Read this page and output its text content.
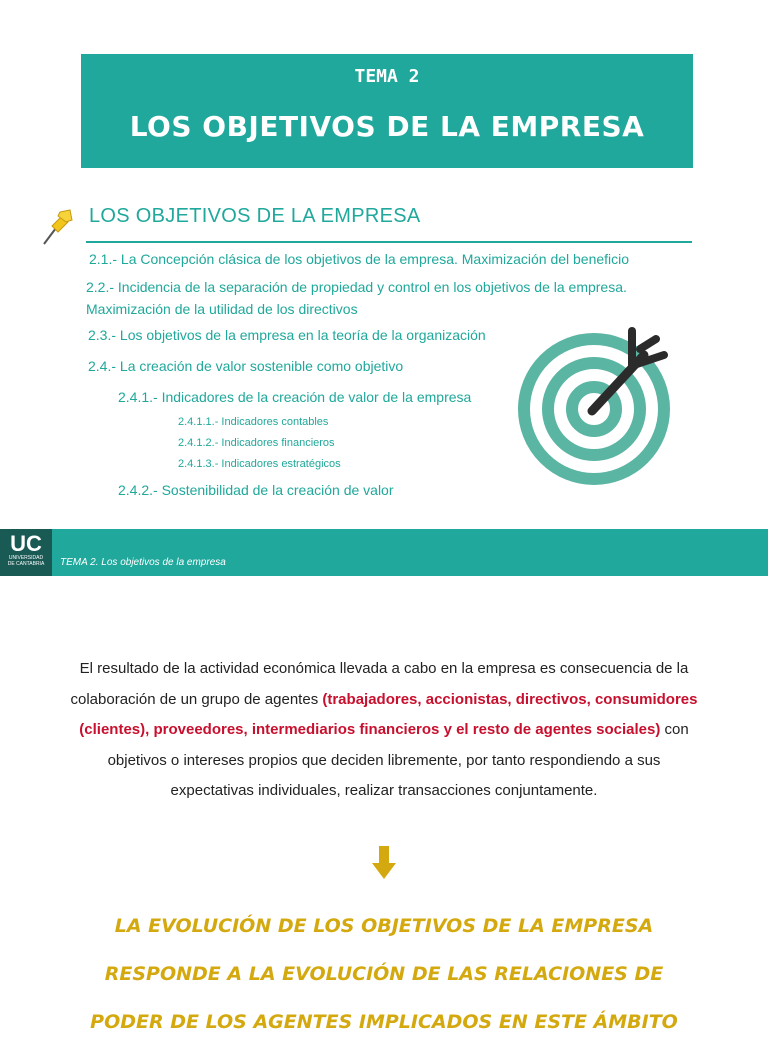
TEMA 2
LOS OBJETIVOS DE LA EMPRESA
LOS OBJETIVOS DE LA EMPRESA
2.1.- La Concepción clásica de los objetivos de la empresa. Maximización del beneficio
2.2.- Incidencia de la separación de propiedad y control en los objetivos de la empresa. Maximización de la utilidad de los directivos
2.3.- Los objetivos de la empresa en la teoría de la organización
2.4.- La creación de valor sostenible como objetivo
2.4.1.- Indicadores de la creación de valor de la empresa
2.4.1.1.- Indicadores contables
2.4.1.2.- Indicadores financieros
2.4.1.3.- Indicadores estratégicos
2.4.2.- Sostenibilidad de la creación de valor
UC
UNIVERSIDAD
DE CANTABRIA	TEMA 2. Los objetivos de la empresa
El resultado de la actividad económica llevada a cabo en la empresa es consecuencia de la colaboración de un grupo de agentes (trabajadores, accionistas, directivos, consumidores (clientes), proveedores, intermediarios financieros y el resto de agentes sociales) con objetivos o intereses propios que deciden libremente, por tanto respondiendo a sus expectativas individuales, realizar transacciones conjuntamente.
LA EVOLUCIÓN DE LOS OBJETIVOS DE LA EMPRESA RESPONDE A LA EVOLUCIÓN DE LAS RELACIONES DE PODER DE LOS AGENTES IMPLICADOS EN ESTE ÁMBITO
